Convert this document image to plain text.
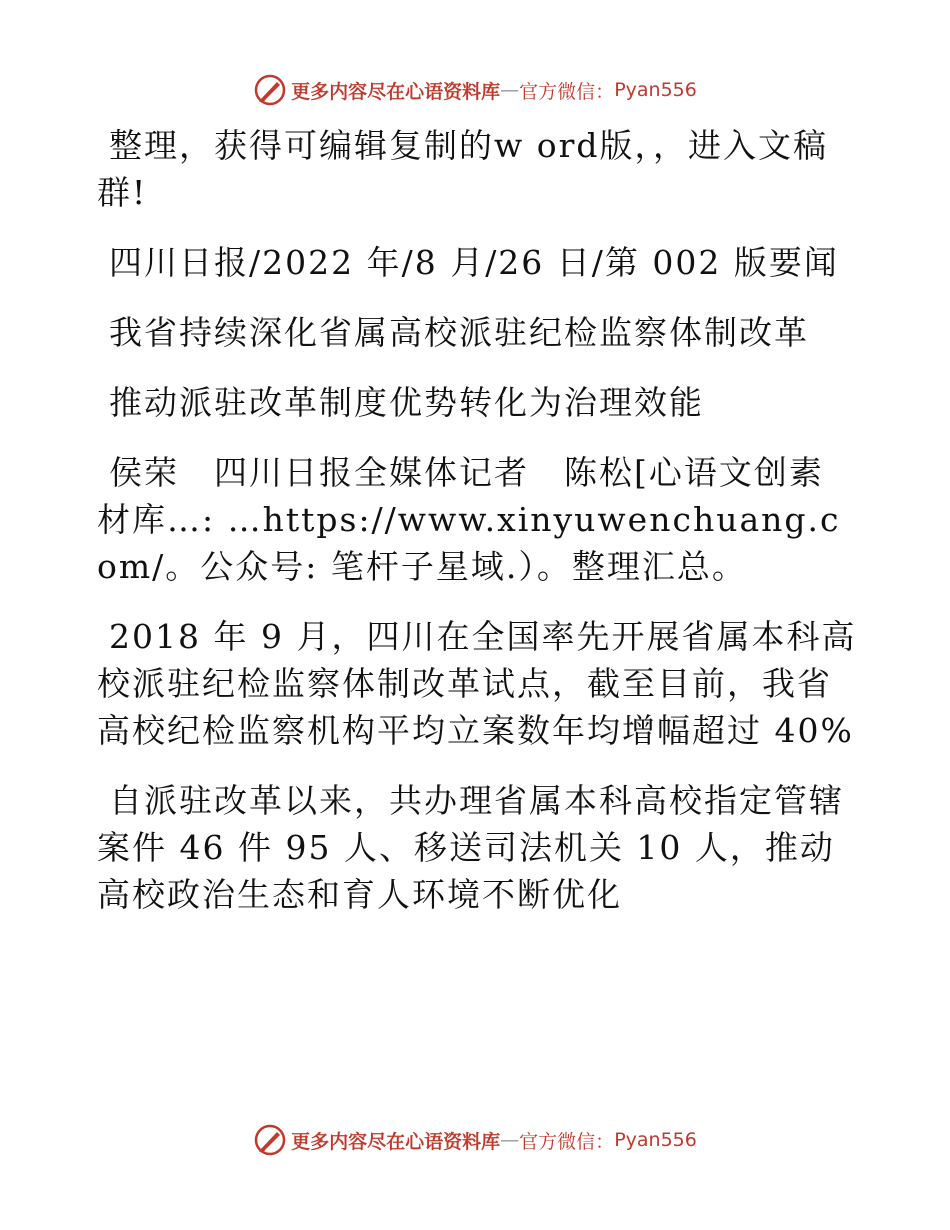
更多内容尽在心语资料库 — 官方微信： Pyan556

整理，获得可编辑复制的w ord版，，进入文稿群!

四川日报/2022 年/8 月/26 日/第 002 版要闻

我省持续深化省属高校派驻纪检监察体制改革

推动派驻改革制度优势转化为治理效能

侯荣　四川日报全媒体记者　陈松[心语文创素材库…: …https://www.xinyuwenchuang.com/。公众号: 笔杆子星域.）。整理汇总。

2018 年 9 月，四川在全国率先开展省属本科高校派驻纪检监察体制改革试点，截至目前，我省高校纪检监察机构平均立案数年均增幅超过 40%

自派驻改革以来，共办理省属本科高校指定管辖案件 46 件 95 人、移送司法机关 10 人，推动高校政治生态和育人环境不断优化

更多内容尽在心语资料库 — 官方微信： Pyan556
